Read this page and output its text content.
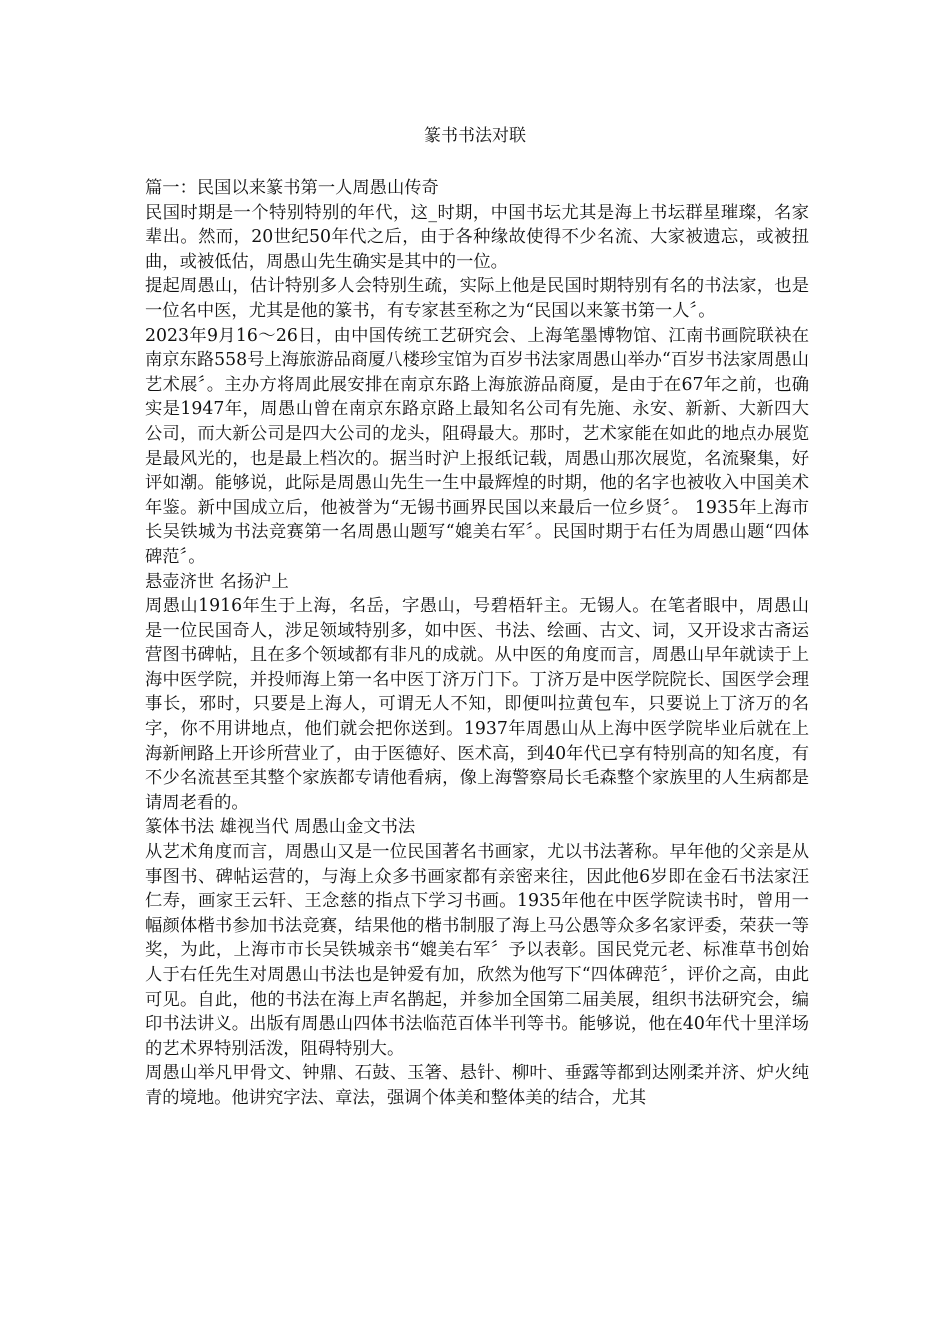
篆书书法对联

篇一：民国以来篆书第一人周愚山传奇

民国时期是一个特别特别的年代，这_时期，中国书坛尤其是海上书坛群星璀璨，名家辈出。然而，20世纪50年代之后，由于各种缘故使得不少名流、大家被遗忘，或被扭曲，或被低估，周愚山先生确实是其中的一位。

提起周愚山，估计特别多人会特别生疏，实际上他是民国时期特别有名的书法家，也是一位名中医，尤其是他的篆书，有专家甚至称之为“民国以来篆书第一人〞。

2023年9月16～26日，由中国传统工艺研究会、上海笔墨博物馆、江南书画院联袂在南京东路558号上海旅游品商厦八楼珍宝馆为百岁书法家周愚山举办“百岁书法家周愚山艺术展〞。主办方将周此展安排在南京东路上海旅游品商厦，是由于在67年之前，也确实是1947年，周愚山曾在南京东路京路上最知名公司有先施、永安、新新、大新四大公司，而大新公司是四大公司的龙头，阻碍最大。那时，艺术家能在如此的地点办展览是最风光的，也是最上档次的。据当时沪上报纸记载，周愚山那次展览，名流聚集，好评如潮。能够说，此际是周愚山先生一生中最辉煌的时期，他的名字也被收入中国美术年鉴。新中国成立后，他被誉为“无锡书画界民国以来最后一位乡贤〞。 1935年上海市长吴铁城为书法竞赛第一名周愚山题写“媲美右军〞。民国时期于右任为周愚山题“四体碑范〞。

悬壶济世 名扬沪上

周愚山1916年生于上海，名岳，字愚山，号碧梧轩主。无锡人。在笔者眼中，周愚山是一位民国奇人，涉足领域特别多，如中医、书法、绘画、古文、词，又开设求古斋运营图书碑帖，且在多个领域都有非凡的成就。从中医的角度而言，周愚山早年就读于上海中医学院，并投师海上第一名中医丁济万门下。丁济万是中医学院院长、国医学会理事长，邪时，只要是上海人，可谓无人不知，即便叫拉黄包车，只要说上丁济万的名字，你不用讲地点，他们就会把你送到。1937年周愚山从上海中医学院毕业后就在上海新闸路上开诊所营业了，由于医德好、医术高，到40年代已享有特别高的知名度，有不少名流甚至其整个家族都专请他看病，像上海警察局长毛森整个家族里的人生病都是请周老看的。

篆体书法 雄视当代 周愚山金文书法

从艺术角度而言，周愚山又是一位民国著名书画家，尤以书法著称。早年他的父亲是从事图书、碑帖运营的，与海上众多书画家都有亲密来往，因此他6岁即在金石书法家汪仁寿，画家王云轩、王念慈的指点下学习书画。1935年他在中医学院读书时，曾用一幅颜体楷书参加书法竞赛，结果他的楷书制服了海上马公愚等众多名家评委，荣获一等奖，为此，上海市市长吴铁城亲书“媲美右军〞予以表彰。国民党元老、标准草书创始人于右任先生对周愚山书法也是钟爱有加，欣然为他写下“四体碑范〞，评价之高，由此可见。自此，他的书法在海上声名鹊起，并参加全国第二届美展，组织书法研究会，编印书法讲义。出版有周愚山四体书法临范百体半刊等书。能够说，他在40年代十里洋场的艺术界特别活泼，阻碍特别大。

周愚山举凡甲骨文、钟鼎、石鼓、玉箸、悬针、柳叶、垂露等都到达刚柔并济、炉火纯青的境地。他讲究字法、章法，强调个体美和整体美的结合，尤其
